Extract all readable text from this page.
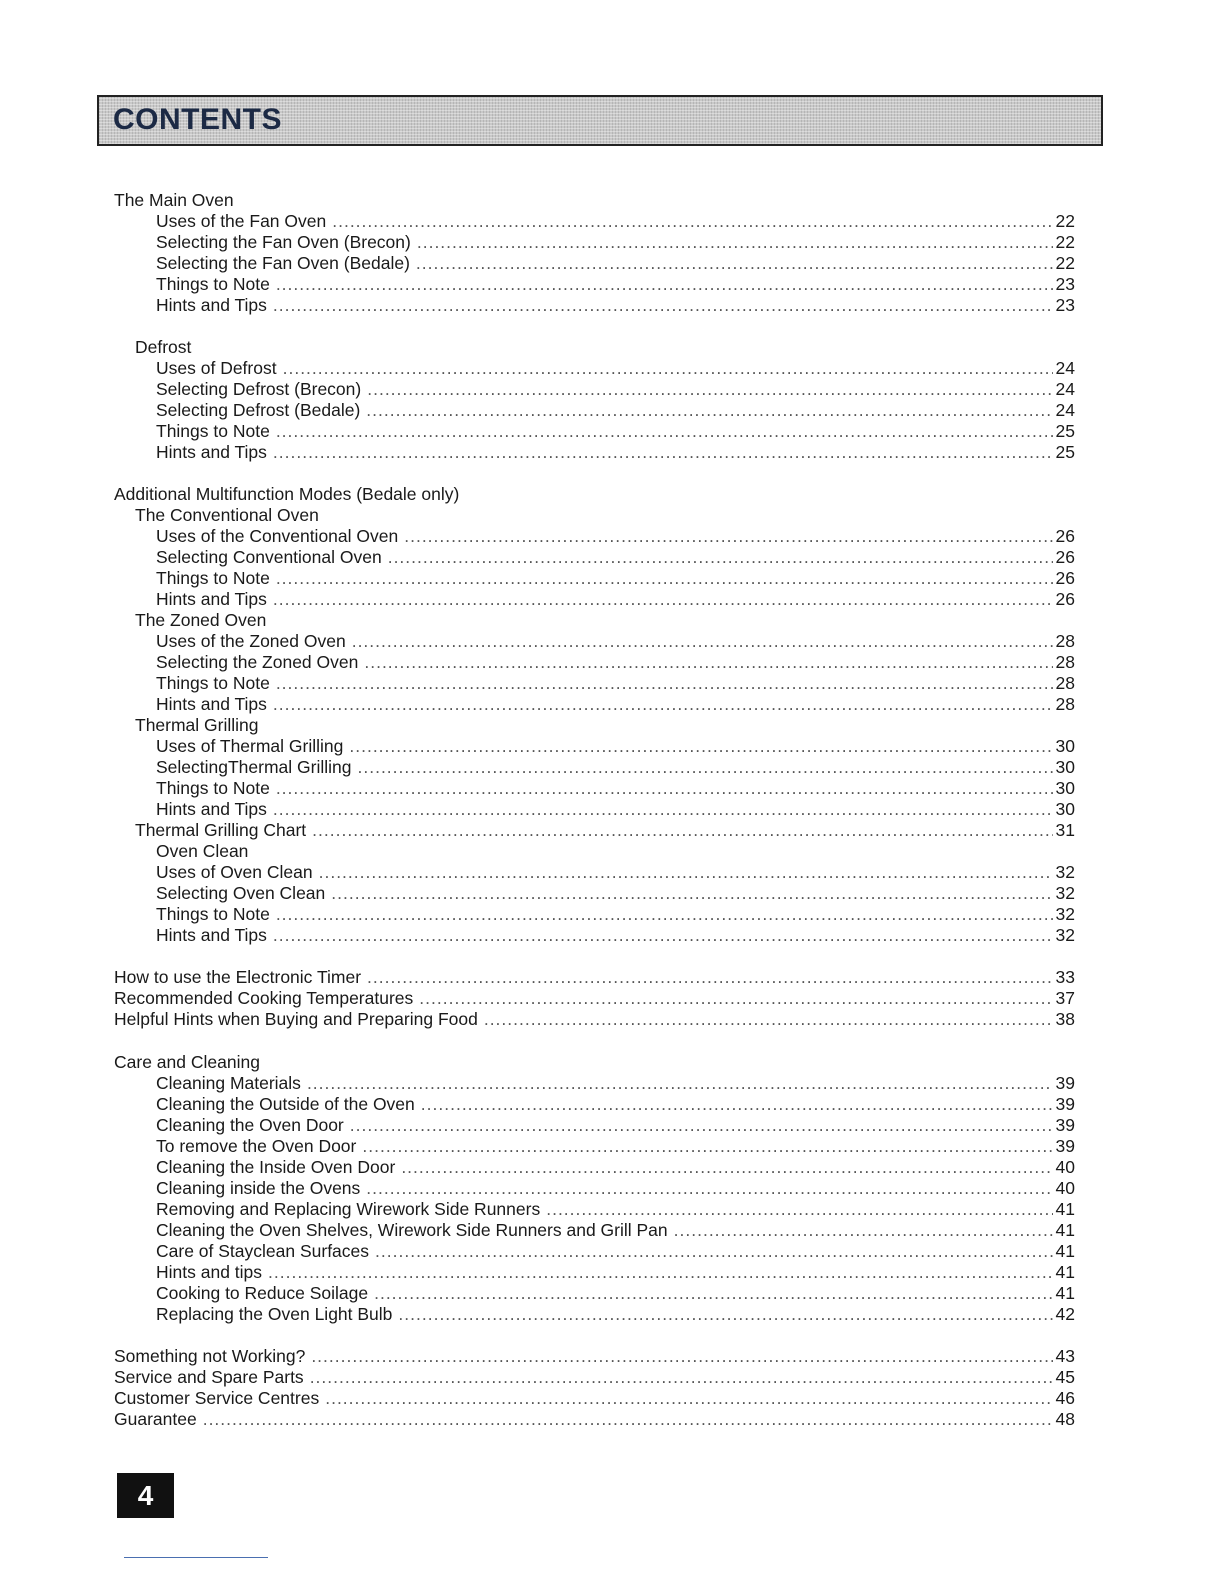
CONTENTS
The Main Oven
Uses of the Fan Oven .....	22
Selecting the Fan Oven (Brecon) .....	22
Selecting the Fan Oven (Bedale) .....	22
Things to Note .....	23
Hints and Tips .....	23
Defrost
Uses of Defrost .....	24
Selecting Defrost (Brecon) .....	24
Selecting Defrost (Bedale) .....	24
Things to Note .....	25
Hints and Tips .....	25
Additional Multifunction Modes (Bedale only)
The Conventional Oven
Uses of the Conventional Oven .....	26
Selecting Conventional Oven .....	26
Things to Note .....	26
Hints and Tips .....	26
The Zoned Oven
Uses of the Zoned Oven .....	28
Selecting the Zoned Oven .....	28
Things to Note .....	28
Hints and Tips .....	28
Thermal Grilling
Uses of Thermal Grilling .....	30
SelectingThermal Grilling .....	30
Things to Note .....	30
Hints and Tips .....	30
Thermal Grilling Chart .....	31
Oven Clean
Uses of Oven Clean .....	32
Selecting Oven Clean .....	32
Things to Note .....	32
Hints and Tips .....	32
How to use the Electronic Timer .....	33
Recommended Cooking Temperatures .....	37
Helpful Hints when Buying and Preparing Food .....	38
Care and Cleaning
Cleaning Materials .....	39
Cleaning the Outside of the Oven .....	39
Cleaning the Oven Door .....	39
To remove the Oven Door .....	39
Cleaning the Inside Oven Door .....	40
Cleaning inside the Ovens .....	40
Removing and Replacing Wirework Side Runners .....	41
Cleaning the Oven Shelves, Wirework Side Runners and Grill Pan .....	41
Care of Stayclean Surfaces .....	41
Hints and tips .....	41
Cooking to Reduce Soilage .....	41
Replacing the Oven Light Bulb .....	42
Something not Working? .....	43
Service and Spare Parts .....	45
Customer Service Centres .....	46
Guarantee .....	48
4
